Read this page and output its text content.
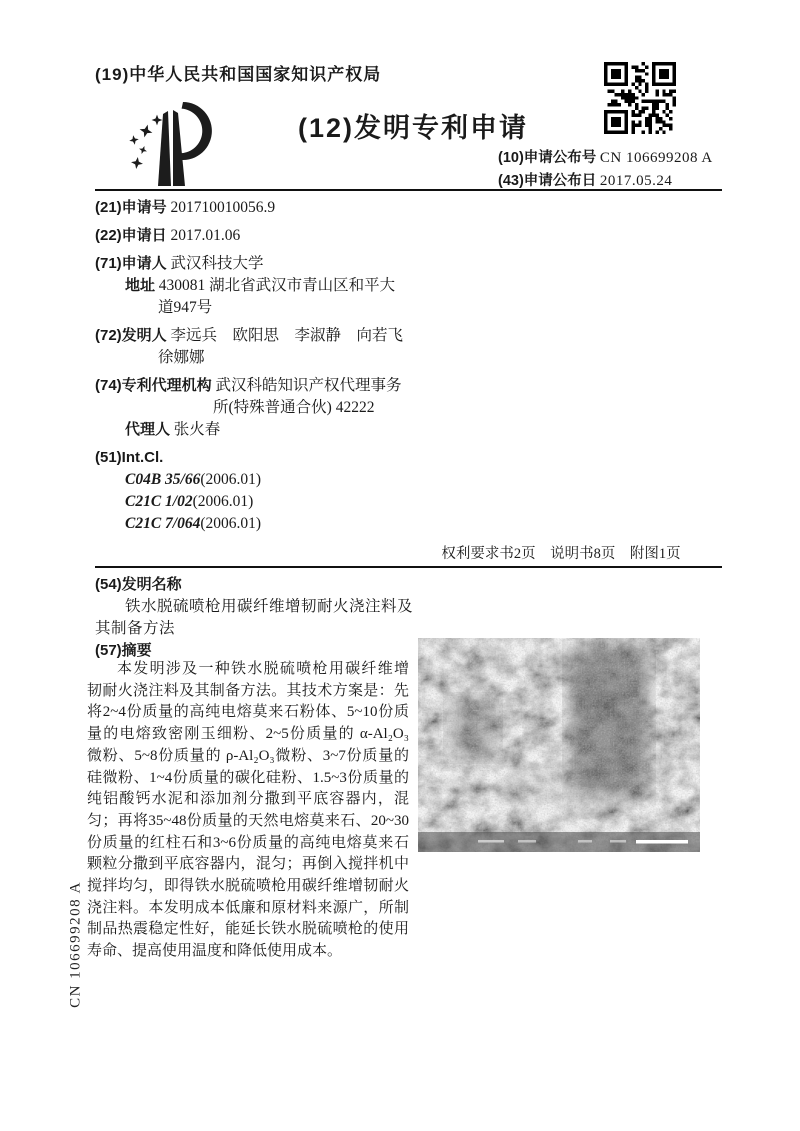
(19)中华人民共和国国家知识产权局
(12)发明专利申请
(10)申请公布号 CN 106699208 A
(43)申请公布日 2017.05.24
(21)申请号 201710010056.9
(22)申请日 2017.01.06
(71)申请人 武汉科技大学
地址 430081 湖北省武汉市青山区和平大
道947号
(72)发明人 李远兵　欧阳思　李淑静　向若飞
徐娜娜
(74)专利代理机构 武汉科皓知识产权代理事务
所(特殊普通合伙) 42222
代理人 张火春
(51)Int.Cl.
C04B 35/66(2006.01)
C21C 1/02(2006.01)
C21C 7/064(2006.01)
权利要求书2页　说明书8页　附图1页
(54)发明名称
铁水脱硫喷枪用碳纤维增韧耐火浇注料及
其制备方法
(57)摘要
本发明涉及一种铁水脱硫喷枪用碳纤维增
韧耐火浇注料及其制备方法。其技术方案是：先
将2~4份质量的高纯电熔莫来石粉体、5~10份质
量的电熔致密刚玉细粉、2~5份质量的 α-Al₂O₃
微粉、5~8份质量的 ρ-Al₂O₃微粉、3~7份质量的
硅微粉、1~4份质量的碳化硅粉、1.5~3份质量的
纯铝酸钙水泥和添加剂分撒到平底容器内，混
匀；再将35~48份质量的天然电熔莫来石、20~30
份质量的红柱石和3~6份质量的高纯电熔莫来石
颗粒分撒到平底容器内，混匀；再倒入搅拌机中
搅拌均匀，即得铁水脱硫喷枪用碳纤维增韧耐火
浇注料。本发明成本低廉和原材料来源广，所制
制品热震稳定性好，能延长铁水脱硫喷枪的使用
寿命、提高使用温度和降低使用成本。
CN 106699208 A
